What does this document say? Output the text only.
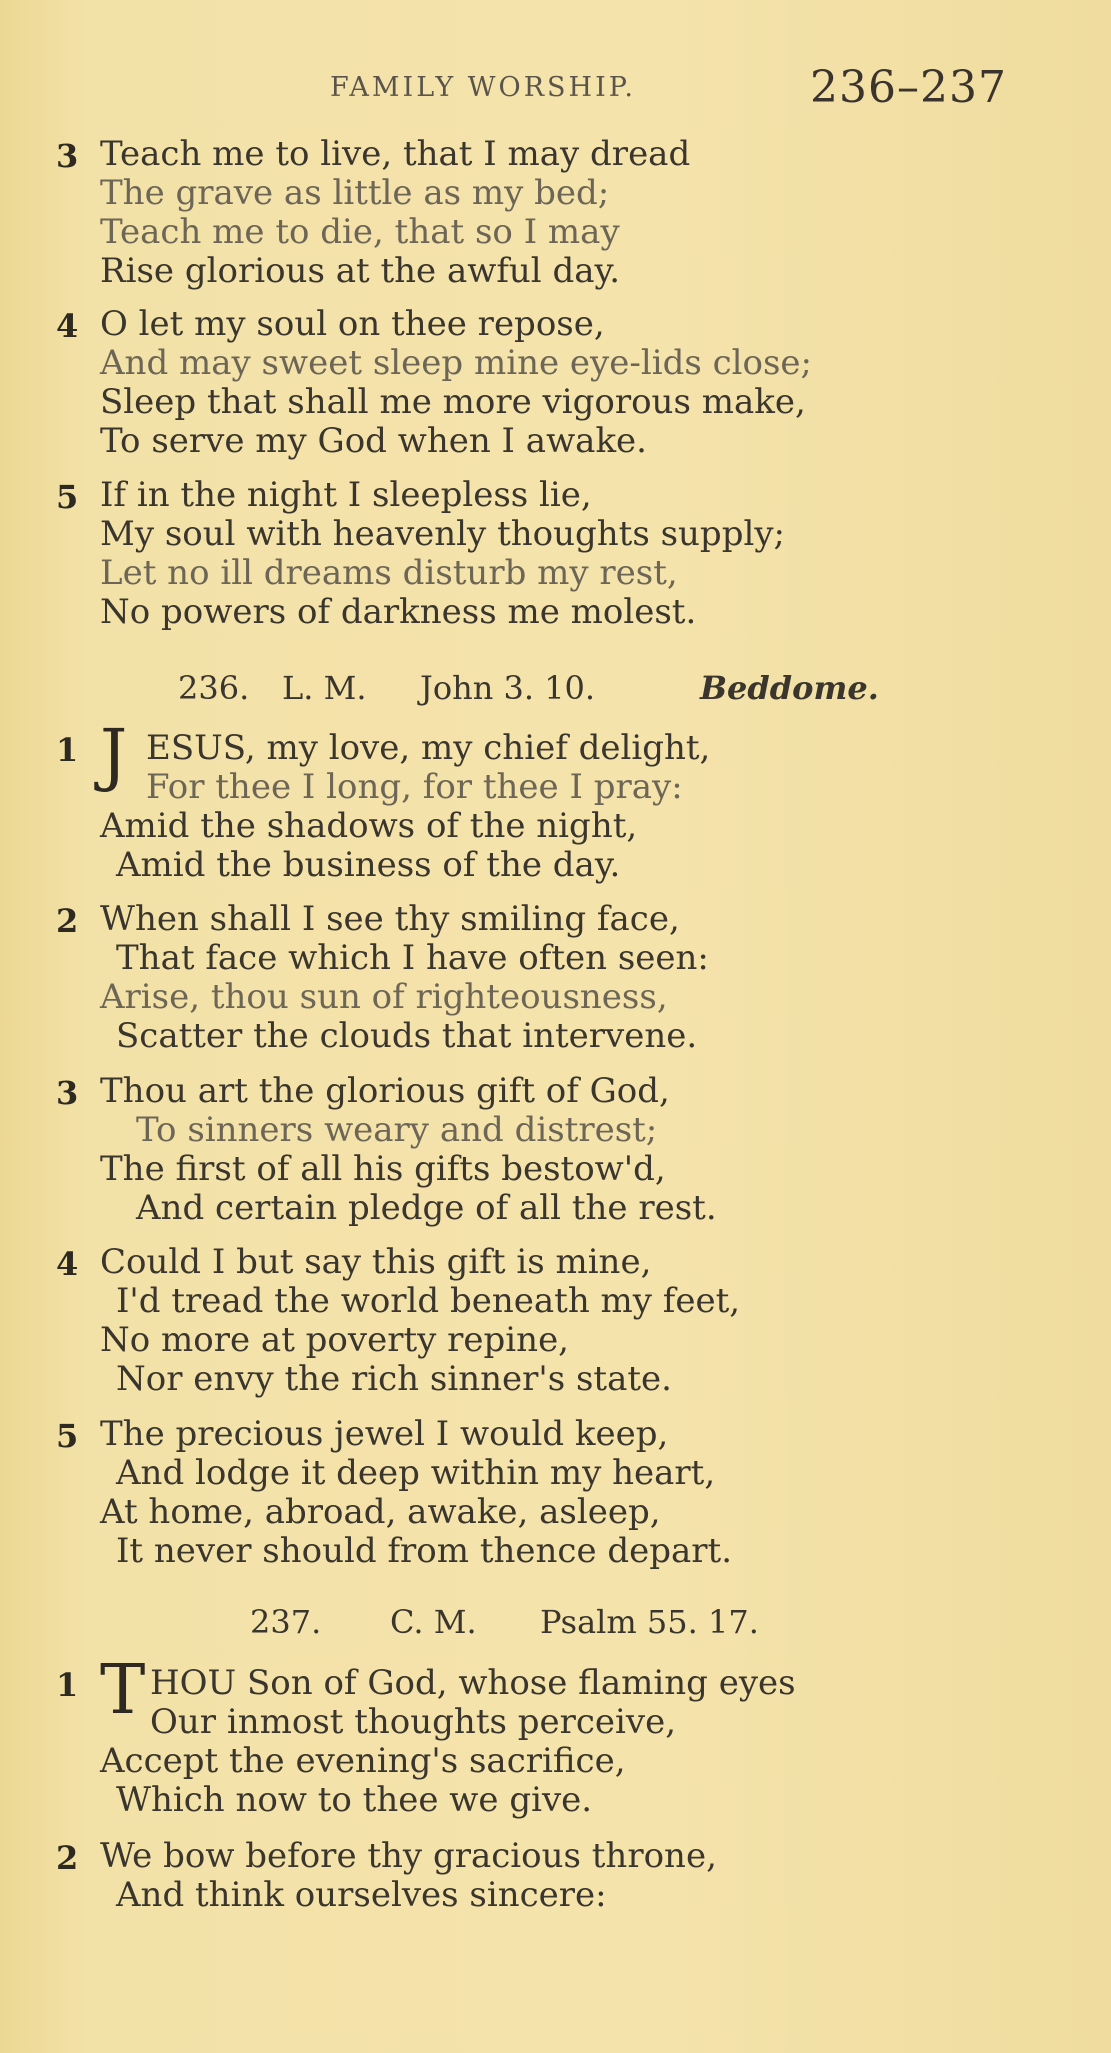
FAMILY WORSHIP.	236–237
3 Teach me to live, that I may dread
The grave as little as my bed;
Teach me to die, that so I may
Rise glorious at the awful day.
4 O let my soul on thee repose,
And may sweet sleep mine eye-lids close;
Sleep that shall me more vigorous make,
To serve my God when I awake.
5 If in the night I sleepless lie,
My soul with heavenly thoughts supply;
Let no ill dreams disturb my rest,
No powers of darkness me molest.
236. L. M. John 3. 10.	Beddome.
1 J ESUS, my love, my chief delight,
For thee I long, for thee I pray:
Amid the shadows of the night,
Amid the business of the day.
2 When shall I see thy smiling face,
That face which I have often seen:
Arise, thou sun of righteousness,
Scatter the clouds that intervene.
3 Thou art the glorious gift of God,
To sinners weary and distrest;
The first of all his gifts bestow'd,
And certain pledge of all the rest.
4 Could I but say this gift is mine,
I'd tread the world beneath my feet,
No more at poverty repine,
Nor envy the rich sinner's state.
5 The precious jewel I would keep,
And lodge it deep within my heart,
At home, abroad, awake, asleep,
It never should from thence depart.
237. C. M. Psalm 55. 17.
1 T HOU Son of God, whose flaming eyes
Our inmost thoughts perceive,
Accept the evening's sacrifice,
Which now to thee we give.
2 We bow before thy gracious throne,
And think ourselves sincere:
